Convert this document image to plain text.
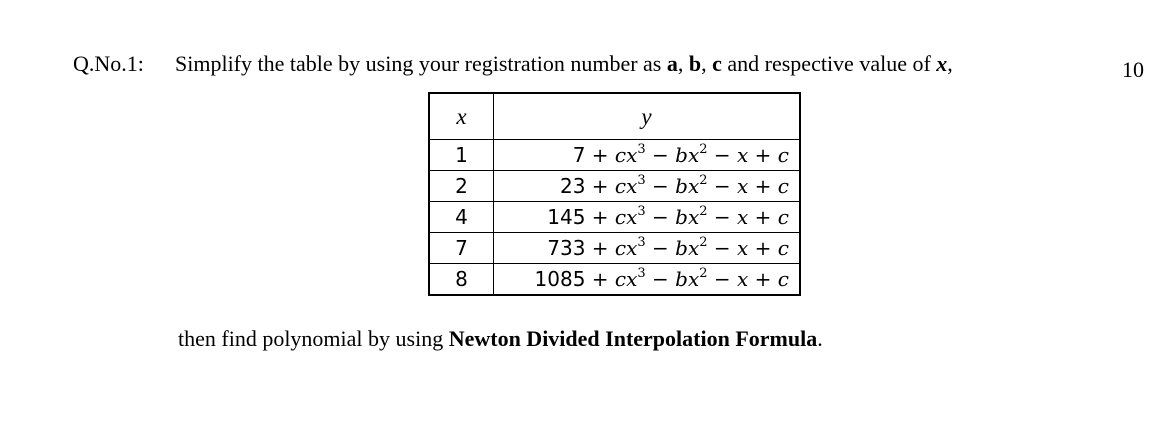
Q.No.1: Simplify the table by using your registration number as a, b, c and respective value of x,	10
x	y
1	$7 + cx^3 - bx^2 - x + c$
2	$23 + cx^3 - bx^2 - x + c$
4	$145 + cx^3 - bx^2 - x + c$
7	$733 + cx^3 - bx^2 - x + c$
8	$1085 + cx^3 - bx^2 - x + c$
then find polynomial by using Newton Divided Interpolation Formula.
